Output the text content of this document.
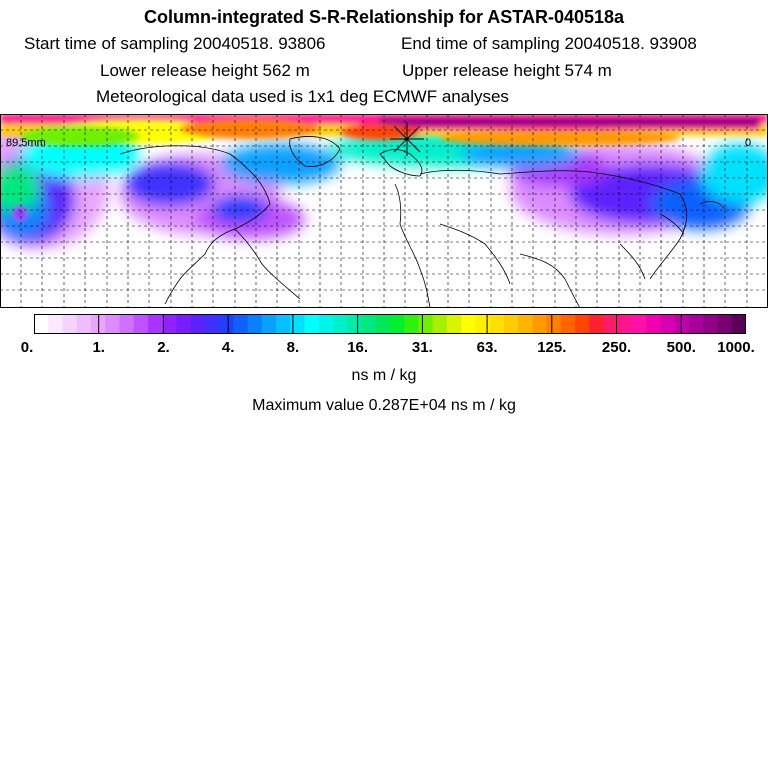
Column-integrated S-R-Relationship for ASTAR-040518a
Start time of sampling 20040518. 93806	End time of sampling 20040518. 93908
Lower release height 562 m	Upper release height 574 m
Meteorological data used is 1x1 deg ECMWF analyses
89.5mm	0
0.	1.	2.	4.	8.	16.	31.	63.	125. 250. 500. 1000.
ns m / kg
Maximum value 0.287E+04 ns m / kg
